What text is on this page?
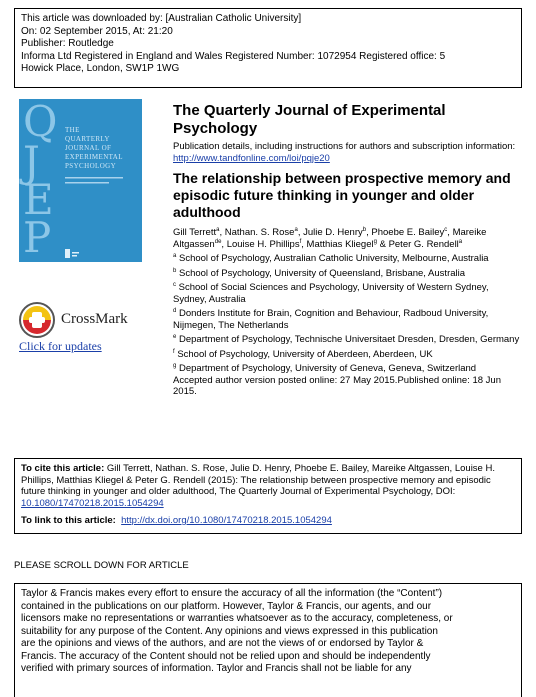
This article was downloaded by: [Australian Catholic University]
On: 02 September 2015, At: 21:20
Publisher: Routledge
Informa Ltd Registered in England and Wales Registered Number: 1072954 Registered office: 5
Howick Place, London, SW1P 1WG
Q
J
E
P
THE
QUARTERLY
JOURNAL OF
EXPERIMENTAL
PSYCHOLOGY
CrossMark
Click for updates
The Quarterly Journal of Experimental Psychology
Publication details, including instructions for authors and subscription information:
http://www.tandfonline.com/loi/pqje20
The relationship between prospective memory and episodic future thinking in younger and older adulthood
Gill Terrett$^a$, Nathan. S. Rose$^a$, Julie D. Henry$^b$, Phoebe E. Bailey$^c$, Mareike Altgassen$^{de}$, Louise H. Phillips$^f$, Matthias Kliegel$^g$ & Peter G. Rendell$^a$
$^a$ School of Psychology, Australian Catholic University, Melbourne, Australia
$^b$ School of Psychology, University of Queensland, Brisbane, Australia
$^c$ School of Social Sciences and Psychology, University of Western Sydney, Sydney, Australia
$^d$ Donders Institute for Brain, Cognition and Behaviour, Radboud University, Nijmegen, The Netherlands
$^e$ Department of Psychology, Technische Universitaet Dresden, Dresden, Germany
$^f$ School of Psychology, University of Aberdeen, Aberdeen, UK
$^g$ Department of Psychology, University of Geneva, Geneva, Switzerland
Accepted author version posted online: 27 May 2015.Published online: 18 Jun 2015.
To cite this article: Gill Terrett, Nathan. S. Rose, Julie D. Henry, Phoebe E. Bailey, Mareike Altgassen, Louise H. Phillips, Matthias Kliegel & Peter G. Rendell (2015): The relationship between prospective memory and episodic future thinking in younger and older adulthood, The Quarterly Journal of Experimental Psychology, DOI: 10.1080/17470218.2015.1054294
To link to this article: http://dx.doi.org/10.1080/17470218.2015.1054294
PLEASE SCROLL DOWN FOR ARTICLE
Taylor & Francis makes every effort to ensure the accuracy of all the information (the “Content”)
contained in the publications on our platform. However, Taylor & Francis, our agents, and our
licensors make no representations or warranties whatsoever as to the accuracy, completeness, or
suitability for any purpose of the Content. Any opinions and views expressed in this publication
are the opinions and views of the authors, and are not the views of or endorsed by Taylor &
Francis. The accuracy of the Content should not be relied upon and should be independently
verified with primary sources of information. Taylor and Francis shall not be liable for any
